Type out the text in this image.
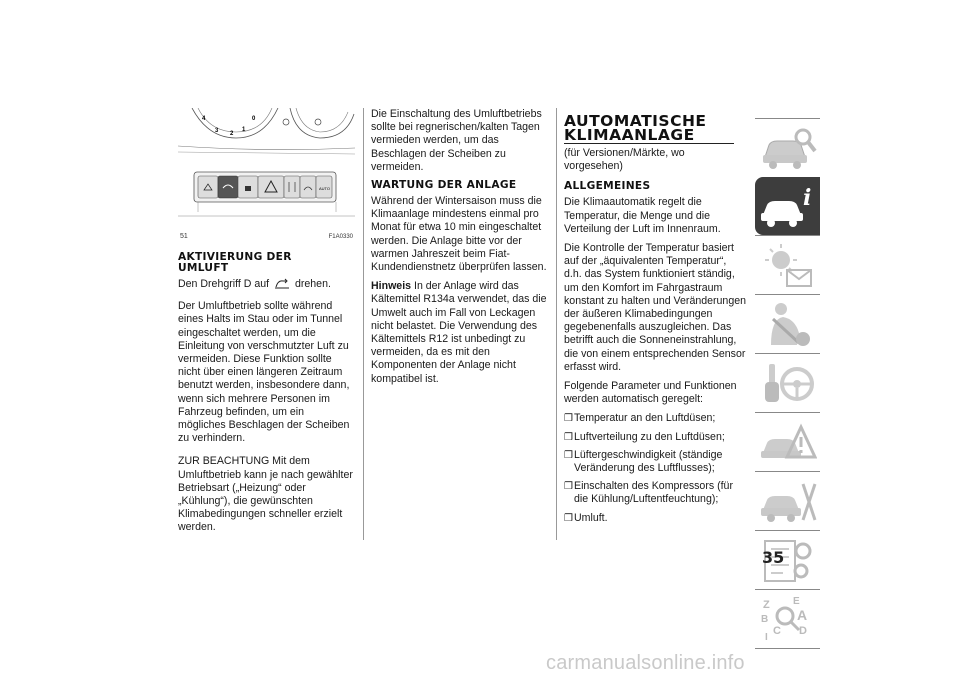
4
3 2
1
0
AUTO
51	F1A0330
AKTIVIERUNG DER
UMLUFT

Den Drehgriff D auf drehen.

Der Umluftbetrieb sollte während eines Halts im Stau oder im Tunnel eingeschaltet werden, um die Einleitung von verschmutzter Luft zu vermeiden. Diese Funktion sollte nicht über einen längeren Zeitraum benutzt werden, insbesondere dann, wenn sich mehrere Personen im Fahrzeug befinden, um ein mögliches Beschlagen der Scheiben zu verhindern.

ZUR BEACHTUNG Mit dem Umluftbetrieb kann je nach gewählter Betriebsart („Heizung“ oder „Kühlung“), die gewünschten Klimabedingungen schneller erzielt werden.

Die Einschaltung des Umluftbetriebs sollte bei regnerischen/kalten Tagen vermieden werden, um das Beschlagen der Scheiben zu vermeiden.

WARTUNG DER ANLAGE

Während der Wintersaison muss die Klimaanlage mindestens einmal pro Monat für etwa 10 min eingeschaltet werden. Die Anlage bitte vor der warmen Jahreszeit beim Fiat-Kundendienstnetz überprüfen lassen.

Hinweis In der Anlage wird das Kältemittel R134a verwendet, das die Umwelt auch im Fall von Leckagen nicht belastet. Die Verwendung des Kältemittels R12 ist unbedingt zu vermeiden, da es mit den Komponenten der Anlage nicht kompatibel ist.

AUTOMATISCHE
KLIMAANLAGE

(für Versionen/Märkte, wo vorgesehen)

ALLGEMEINES

Die Klimaautomatik regelt die Temperatur, die Menge und die Verteilung der Luft im Innenraum.

Die Kontrolle der Temperatur basiert auf der „äquivalenten Temperatur“, d.h. das System funktioniert ständig, um den Komfort im Fahrgastraum konstant zu halten und Veränderungen der äußeren Klimabedingungen gegebenenfalls auszugleichen. Das betrifft auch die Sonneneinstrahlung, die von einem entsprechenden Sensor erfasst wird.

Folgende Parameter und Funktionen werden automatisch geregelt:

❒ Temperatur an den Luftdüsen;
❒ Luftverteilung zu den Luftdüsen;
❒ Lüftergeschwindigkeit (ständige Veränderung des Luftflusses);
❒ Einschalten des Kompressors (für die Kühlung/Luftentfeuchtung);
❒ Umluft.
i
Z E
B A
C D
I
35
carmanualsonline.info
